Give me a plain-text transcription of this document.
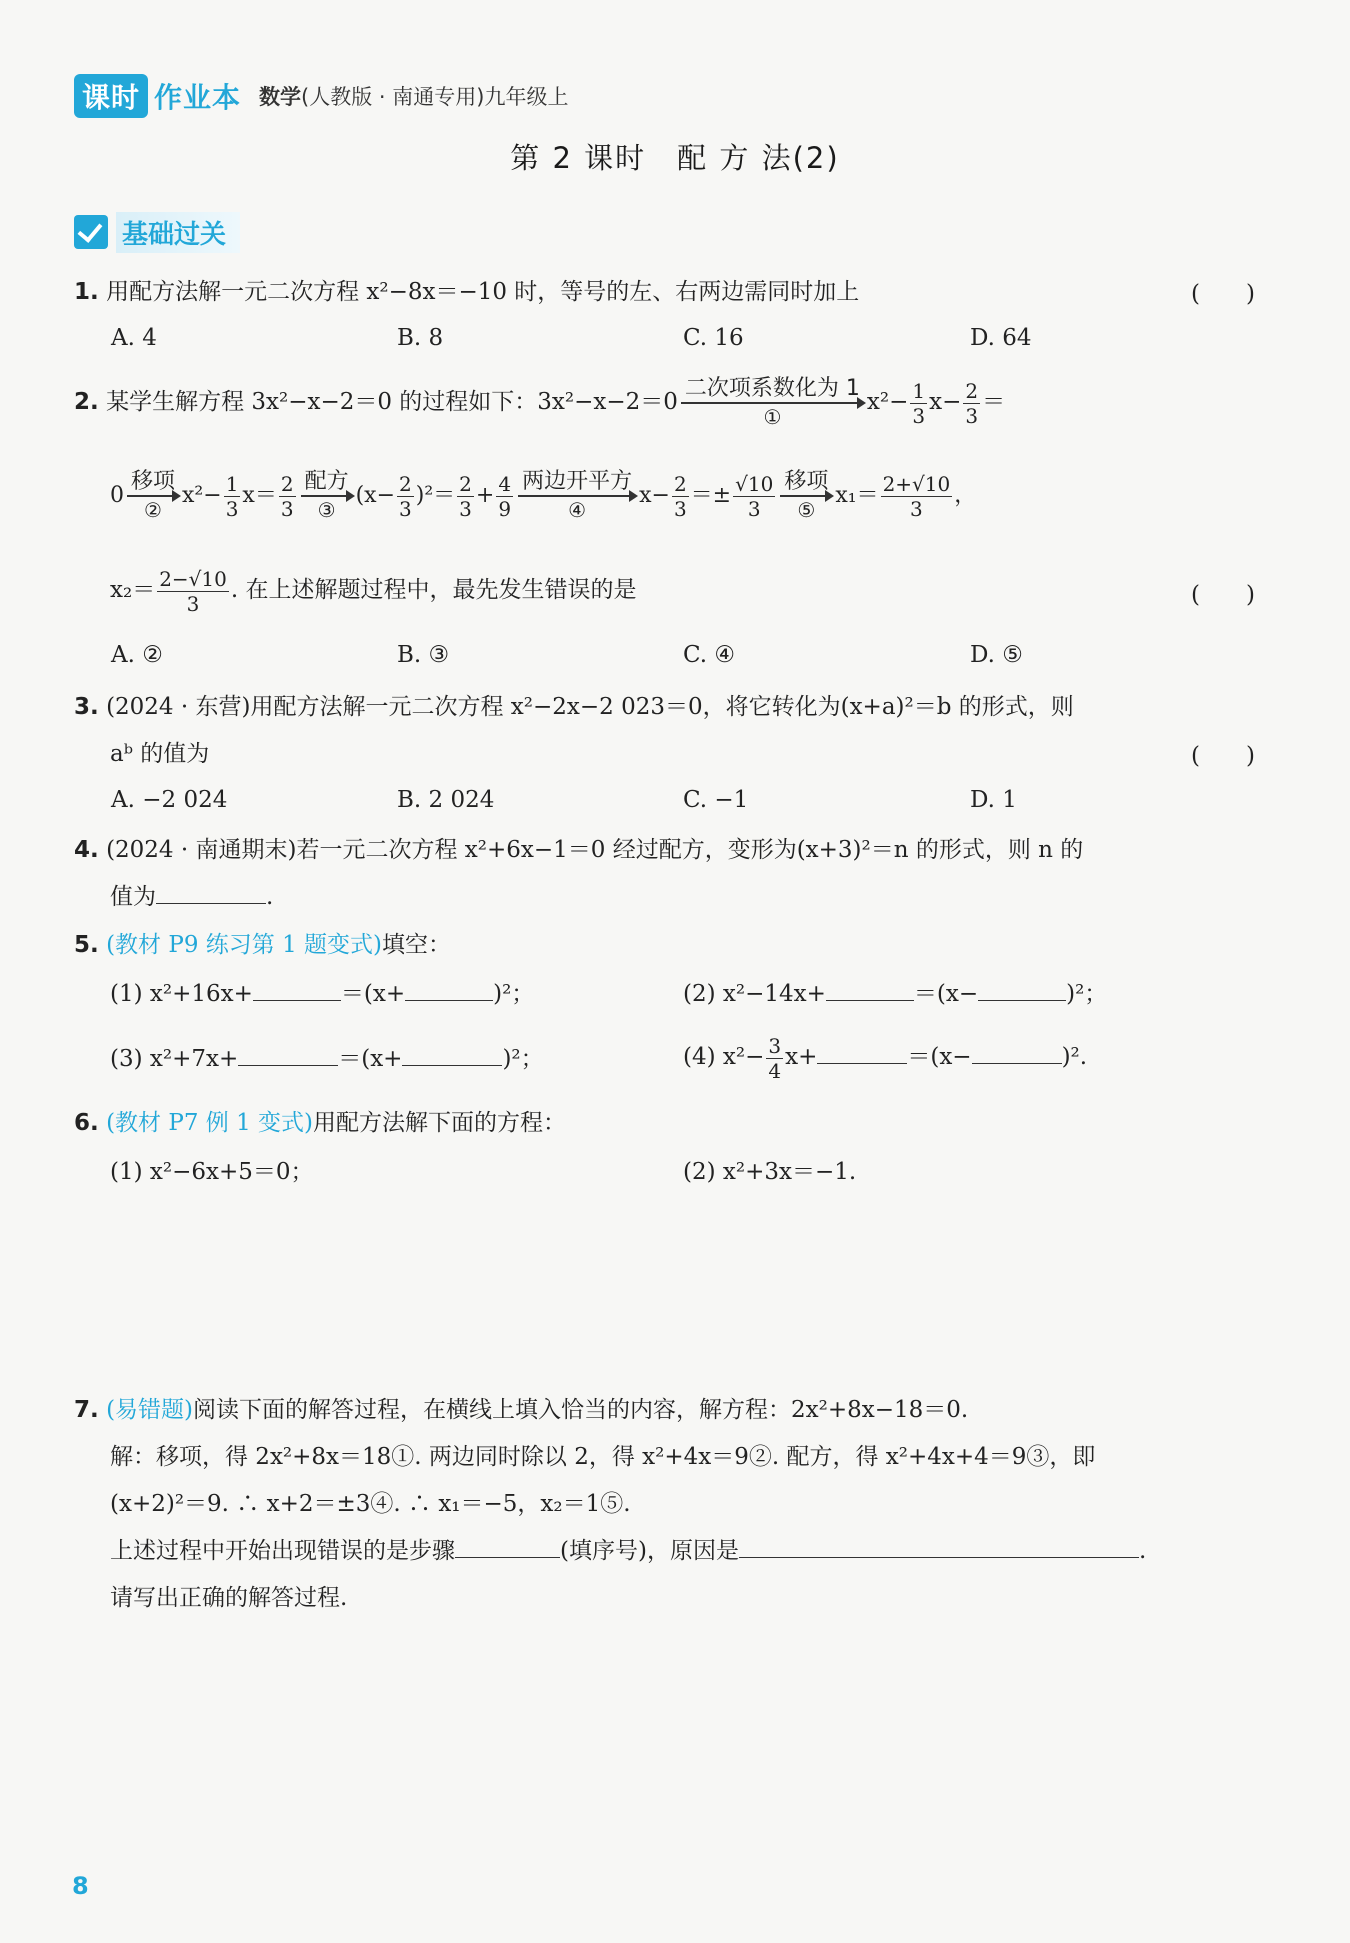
课时 作业本 数学(人教版 · 南通专用)九年级上
第 2 课时　配 方 法(2)
基础过关
1. 用配方法解一元二次方程 x²−8x＝−10 时，等号的左、右两边需同时加上	(　　)
A. 4	B. 8	C. 16	D. 64
2. 某学生解方程 3x²−x−2＝0 的过程如下：3x²−x−2＝0
二次项系数化为 1
①
$x^2- \frac{1}{3} x- \frac{2}{3}$ ＝
0
移项
②
$x^2- \frac{1}{3} x= \frac{2}{3}$ 配方
③
$(x- \frac{2}{3} )^2= \frac{2}{3} + \frac{4}{9}$ 两边开平方
④
$x- \frac{2}{3} =\pm \frac{√10}{3}$ 移项
⑤
$x_1= \frac{2+√10}{3}$ ，
$x_2= \frac{2-√10}{3}$ . 在上述解题过程中，最先发生错误的是	(　　)
A. ②	B. ③	C. ④	D. ⑤
3. (2024 · 东营)用配方法解一元二次方程 x²−2x−2 023＝0，将它转化为(x+a)²＝b 的形式，则
aᵇ 的值为	(　　)
A. −2 024	B. 2 024	C. −1	D. 1
4. (2024 · 南通期末)若一元二次方程 x²+6x−1＝0 经过配方，变形为(x+3)²＝n 的形式，则 n 的
值为	.
5. (教材 P9 练习第 1 题变式)填空：
(1) x²+16x+	＝(x+	)²；	(2) x²−14x+	＝(x−	)²；
(3) x²+7x+	＝(x+	)²；	(4) $x^2- \frac{3}{4} x+$	＝(x−	)².
6. (教材 P7 例 1 变式)用配方法解下面的方程：
(1) x²−6x+5＝0；	(2) x²+3x＝−1.
7. (易错题)阅读下面的解答过程，在横线上填入恰当的内容，解方程：2x²+8x−18＝0.
解：移项，得 2x²+8x＝18①. 两边同时除以 2，得 x²+4x＝9②. 配方，得 x²+4x+4＝9③，即
(x+2)²＝9. ∴ x+2＝±3④. ∴ x₁＝−5，x₂＝1⑤.
上述过程中开始出现错误的是步骤	(填序号)，原因是	.
请写出正确的解答过程.
8
